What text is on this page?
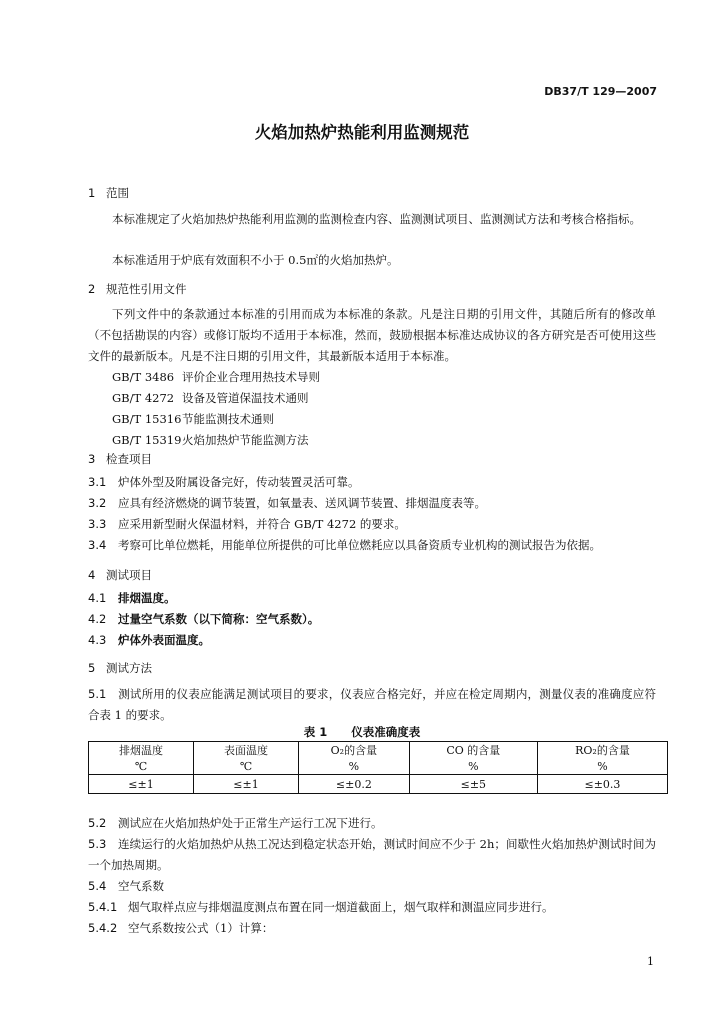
DB37/T 129—2007
火焰加热炉热能利用监测规范
1 范围
本标准规定了火焰加热炉热能利用监测的监测检查内容、监测测试项目、监测测试方法和考核合格指标。
本标准适用于炉底有效面积不小于 0.5㎡的火焰加热炉。
2 规范性引用文件
下列文件中的条款通过本标准的引用而成为本标准的条款。凡是注日期的引用文件，其随后所有的修改单（不包括勘误的内容）或修订版均不适用于本标准，然而，鼓励根据本标准达成协议的各方研究是否可使用这些文件的最新版本。凡是不注日期的引用文件，其最新版本适用于本标准。
GB/T 3486 评价企业合理用热技术导则
GB/T 4272 设备及管道保温技术通则
GB/T 15316节能监测技术通则
GB/T 15319火焰加热炉节能监测方法
3 检查项目
3.1 炉体外型及附属设备完好，传动装置灵活可靠。
3.2 应具有经济燃烧的调节装置，如氧量表、送风调节装置、排烟温度表等。
3.3 应采用新型耐火保温材料，并符合 GB/T 4272 的要求。
3.4 考察可比单位燃耗，用能单位所提供的可比单位燃耗应以具备资质专业机构的测试报告为依据。
4 测试项目
4.1 排烟温度。
4.2 过量空气系数（以下简称：空气系数）。
4.3 炉体外表面温度。
5 测试方法
5.1 测试所用的仪表应能满足测试项目的要求，仪表应合格完好，并应在检定周期内，测量仪表的准确度应符合表 1 的要求。
表 1 仪表准确度表
排烟温度	表面温度	O₂的含量	CO 的含量	RO₂的含量
℃	℃	%	%	%
≤±1	≤±1	≤±0.2	≤±5	≤±0.3
5.2 测试应在火焰加热炉处于正常生产运行工况下进行。
5.3 连续运行的火焰加热炉从热工况达到稳定状态开始，测试时间应不少于 2h；间歇性火焰加热炉测试时间为一个加热周期。
5.4 空气系数
5.4.1 烟气取样点应与排烟温度测点布置在同一烟道截面上，烟气取样和测温应同步进行。
5.4.2 空气系数按公式（1）计算：
1
